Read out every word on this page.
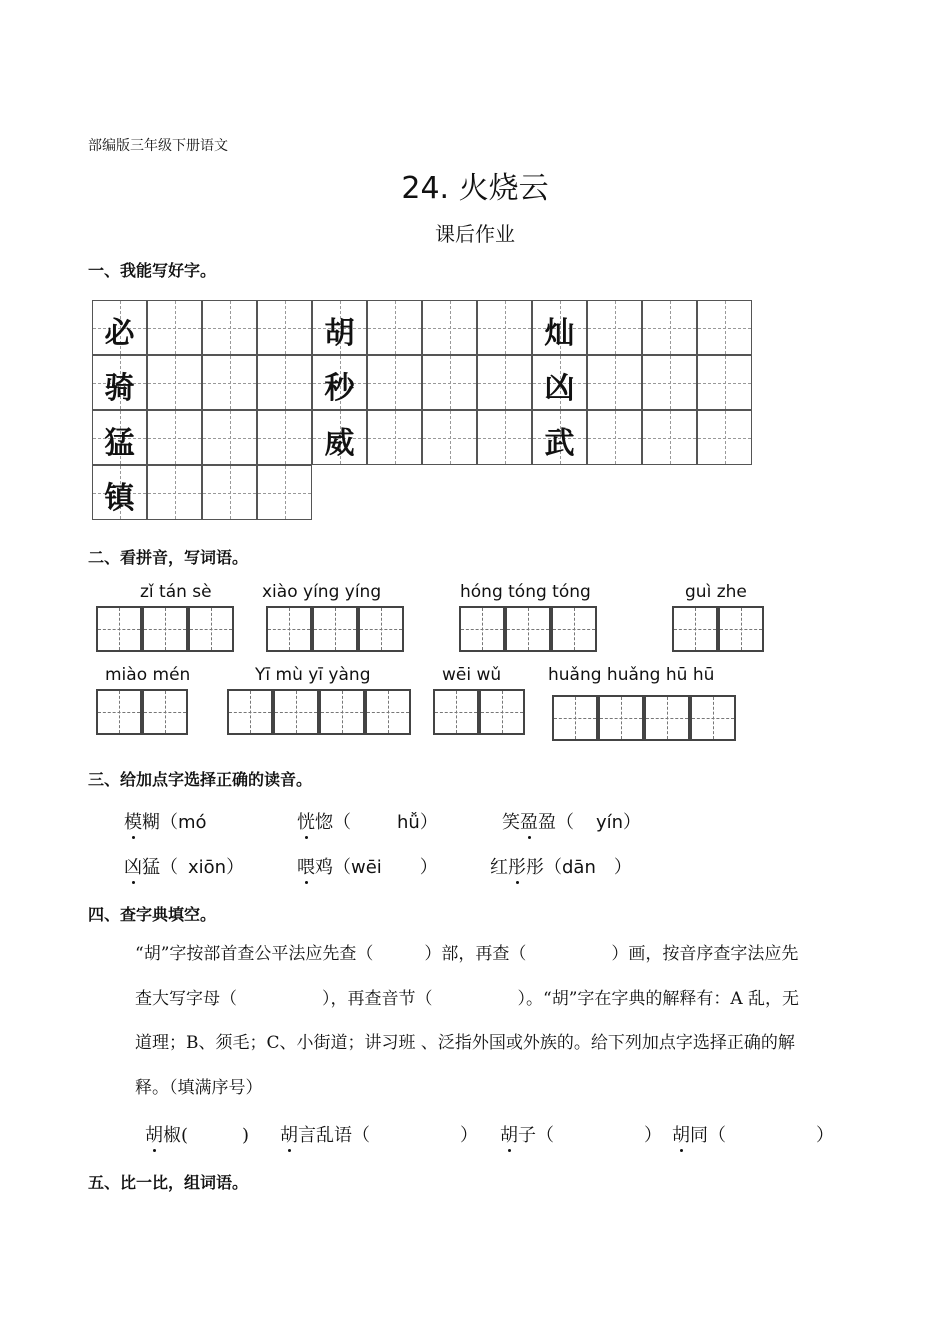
部编版三年级下册语文
24. 火烧云
课后作业
一、我能写好字。
必	胡	灿
骑	秒	凶
猛	威	武
镇
二、看拼音，写词语。
zǐ tán sè	xiào yíng yíng	hóng tóng tóng	guì zhe
miào mén	Yī mù yī yàng	wēi wǔ	huǎng huǎng hū hū
三、给加点字选择正确的读音。
模糊（mó	恍惚（	hǚ）	笑盈盈（ yín）
凶猛（ xiōn）	喂鸡（wēi ）	红彤彤（dān ）
四、查字典填空。
“胡”字按部首查公平法应先查（　　　）部，再查（　　　　　）画，按音序查字法应先
查大写字母（　　　　　），再查音节（　　　　　）。“胡”字在字典的解释有：A 乱，无
道理；B、须毛；C、小街道；讲习班 、泛指外国或外族的。给下列加点字选择正确的解
释。（填满序号）
胡椒(　　　) 胡言乱语（　　　　　） 胡子（　　　　　） 胡同（　　　　　）
五、比一比，组词语。
